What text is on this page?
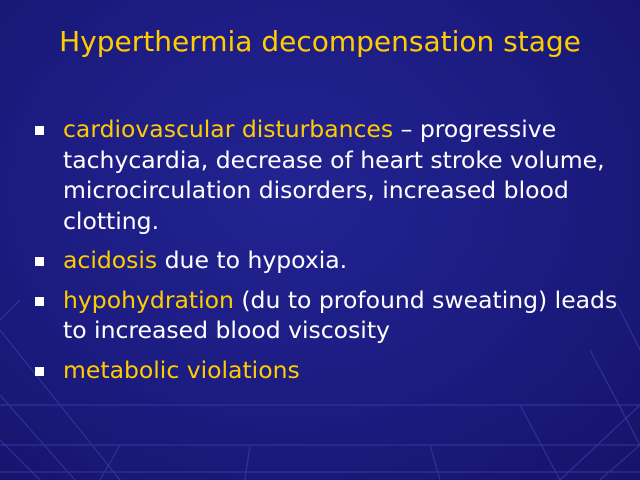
Hyperthermia decompensation stage
cardiovascular disturbances – progressive tachycardia, decrease of heart stroke volume, microcirculation disorders, increased blood clotting.
acidosis due to hypoxia.
hypohydration (du to profound sweating) leads to increased blood viscosity
metabolic violations
